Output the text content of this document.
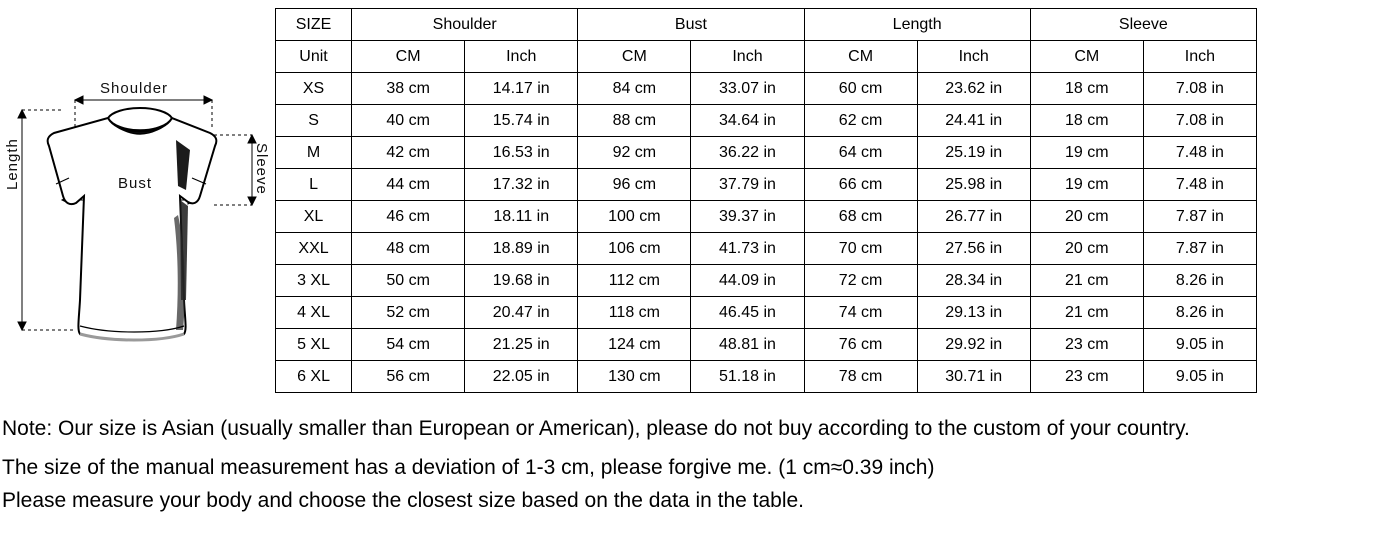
Shoulder
Bust
Length	Sleeve
SIZE	Shoulder		Bust		Length		Sleeve	
Unit	CM	Inch	CM	Inch	CM	Inch	CM	Inch
XS	38 cm	14.17 in	84 cm	33.07 in	60 cm	23.62 in	18 cm	7.08 in
S	40 cm	15.74 in	88 cm	34.64 in	62 cm	24.41 in	18 cm	7.08 in
M	42 cm	16.53 in	92 cm	36.22 in	64 cm	25.19 in	19 cm	7.48 in
L	44 cm	17.32 in	96 cm	37.79 in	66 cm	25.98 in	19 cm	7.48 in
XL	46 cm	18.11 in	100 cm	39.37 in	68 cm	26.77 in	20 cm	7.87 in
XXL	48 cm	18.89 in	106 cm	41.73 in	70 cm	27.56 in	20 cm	7.87 in
3 XL	50 cm	19.68 in	112 cm	44.09 in	72 cm	28.34 in	21 cm	8.26 in
4 XL	52 cm	20.47 in	118 cm	46.45 in	74 cm	29.13 in	21 cm	8.26 in
5 XL	54 cm	21.25 in	124 cm	48.81 in	76 cm	29.92 in	23 cm	9.05 in
6 XL	56 cm	22.05 in	130 cm	51.18 in	78 cm	30.71 in	23 cm	9.05 in
Note: Our size is Asian (usually smaller than European or American), please do not buy according to the custom of your country.
The size of the manual measurement has a deviation of 1-3 cm, please forgive me. (1 cm≈0.39 inch)
Please measure your body and choose the closest size based on the data in the table.
